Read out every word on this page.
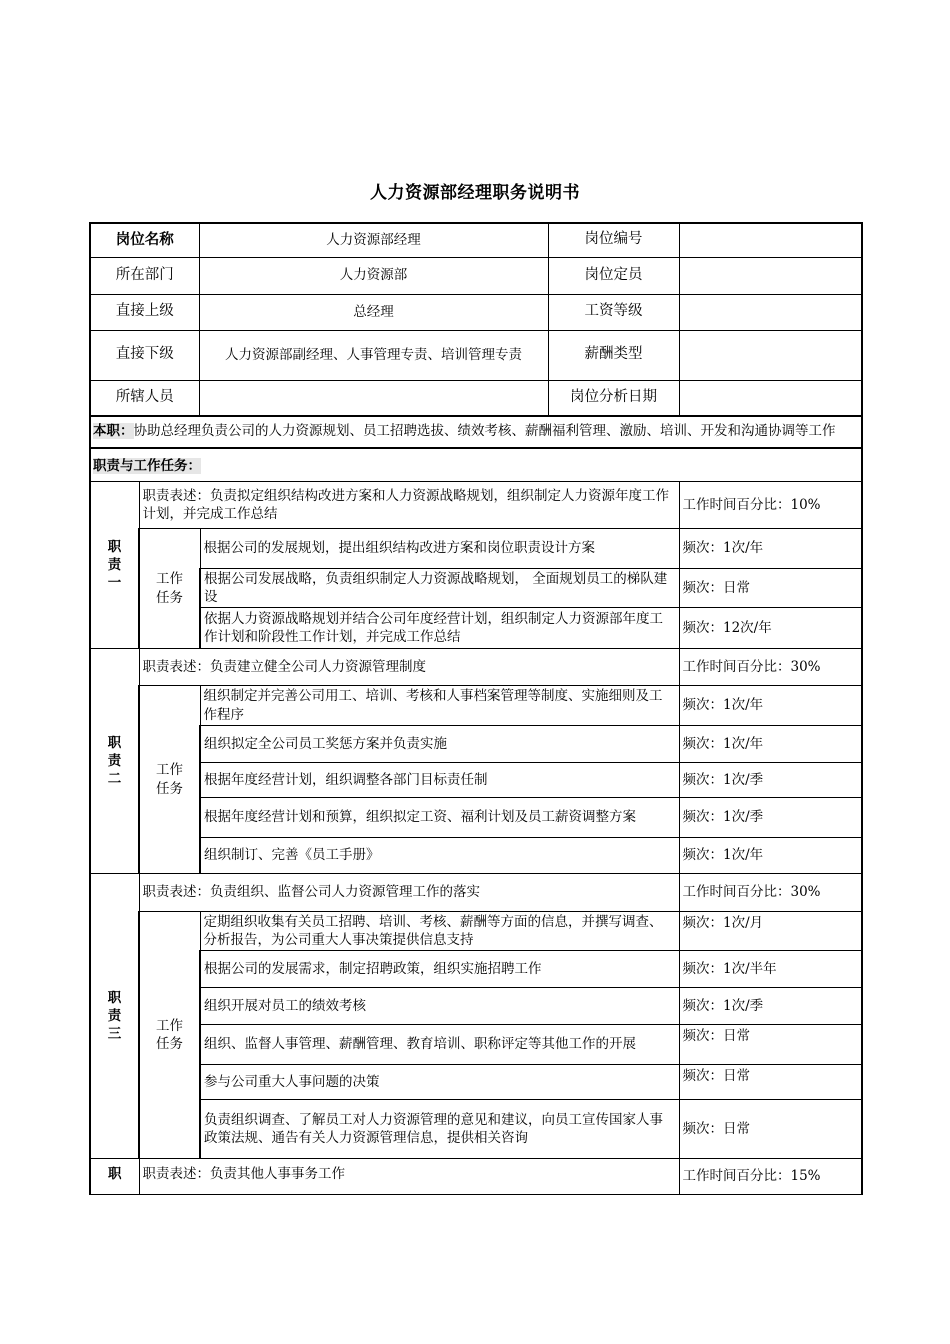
人力资源部经理职务说明书
岗位名称	人力资源部经理	岗位编号	
所在部门	人力资源部	岗位定员	
直接上级	总经理	工资等级	
直接下级	人力资源部副经理、人事管理专责、培训管理专责	薪酬类型	
所辖人员		岗位分析日期	
本职：协助总经理负责公司的人力资源规划、员工招聘选拔、绩效考核、薪酬福利管理、激励、培训、开发和沟通协调等工作			
职责与工作任务：			
职责一	职责表述：负责拟定组织结构改进方案和人力资源战略规划，组织制定人力资源年度工作计划，并完成工作总结		工作时间百分比：10%
	工作任务	根据公司的发展规划，提出组织结构改进方案和岗位职责设计方案	频次：1次/年
		根据公司发展战略，负责组织制定人力资源战略规划， 全面规划员工的梯队建设	频次：日常
		依据人力资源战略规划并结合公司年度经营计划，组织制定人力资源部年度工作计划和阶段性工作计划，并完成工作总结	频次：12次/年
职责二	职责表述：负责建立健全公司人力资源管理制度		工作时间百分比：30%
	工作任务	组织制定并完善公司用工、培训、考核和人事档案管理等制度、实施细则及工作程序	频次：1次/年
		组织拟定全公司员工奖惩方案并负责实施	频次：1次/年
		根据年度经营计划，组织调整各部门目标责任制	频次：1次/季
		根据年度经营计划和预算，组织拟定工资、福利计划及员工薪资调整方案	频次：1次/季
		组织制订、完善《员工手册》	频次：1次/年
职责三	职责表述：负责组织、监督公司人力资源管理工作的落实		工作时间百分比：30%
	工作任务	定期组织收集有关员工招聘、培训、考核、薪酬等方面的信息，并撰写调查、分析报告，为公司重大人事决策提供信息支持	频次：1次/月
		根据公司的发展需求，制定招聘政策，组织实施招聘工作	频次：1次/半年
		组织开展对员工的绩效考核	频次：1次/季
		组织、监督人事管理、薪酬管理、教育培训、职称评定等其他工作的开展	频次：日常
		参与公司重大人事问题的决策	频次：日常
		负责组织调查、了解员工对人力资源管理的意见和建议，向员工宣传国家人事政策法规、通告有关人力资源管理信息，提供相关咨询	频次：日常
职	职责表述：负责其他人事事务工作		工作时间百分比：15%
